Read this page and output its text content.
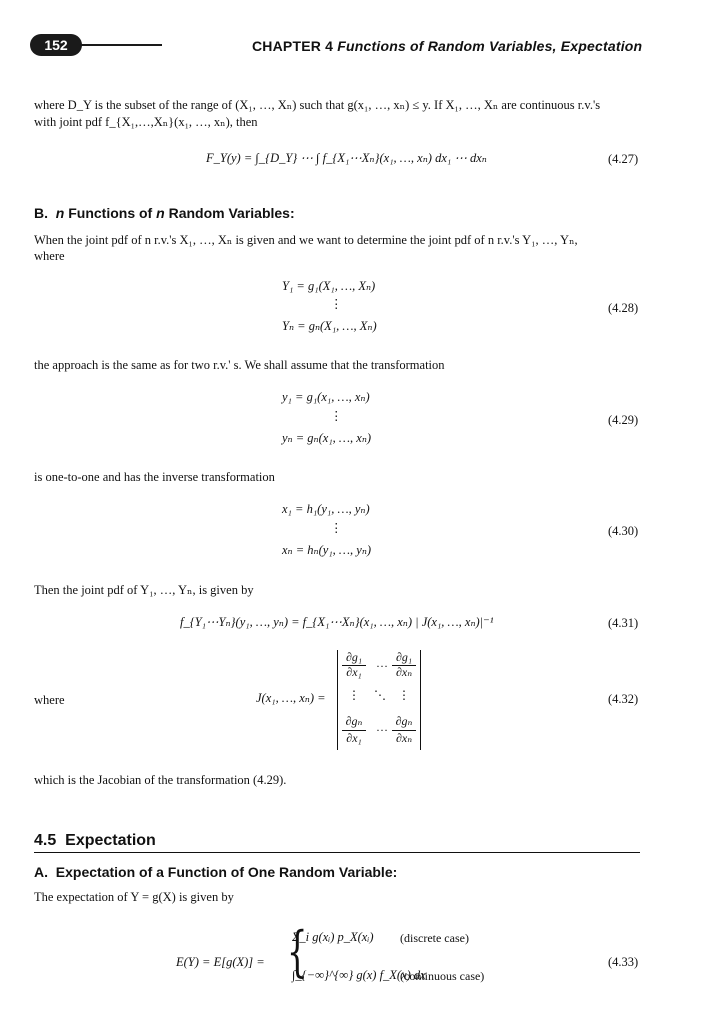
152	CHAPTER 4 Functions of Random Variables, Expectation
where D_Y is the subset of the range of (X₁, …, Xₙ) such that g(x₁, …, xₙ) ≤ y. If X₁, …, Xₙ are continuous r.v.'s
with joint pdf f_{X₁,…,Xₙ}(x₁, …, xₙ), then
F_Y(y) = ∫_{D_Y} ⋯ ∫ f_{X₁⋯Xₙ}(x₁, …, xₙ) dx₁ ⋯ dxₙ	(4.27)
B. n Functions of n Random Variables:
When the joint pdf of n r.v.'s X₁, …, Xₙ is given and we want to determine the joint pdf of n r.v.'s Y₁, …, Yₙ,
where
Y₁ = g₁(X₁, …, Xₙ)
⋮
Yₙ = gₙ(X₁, …, Xₙ)
(4.28)
the approach is the same as for two r.v.' s. We shall assume that the transformation
y₁ = g₁(x₁, …, xₙ)
⋮
yₙ = gₙ(x₁, …, xₙ)
(4.29)
is one-to-one and has the inverse transformation
x₁ = h₁(y₁, …, yₙ)
⋮
xₙ = hₙ(y₁, …, yₙ)
(4.30)
Then the joint pdf of Y₁, …, Yₙ, is given by
f_{Y₁⋯Yₙ}(y₁, …, yₙ) = f_{X₁⋯Xₙ}(x₁, …, xₙ) | J(x₁, …, xₙ)|⁻¹	(4.31)
where	J(x₁, …, xₙ) =
∂g₁
∂x₁
… ∂g₁
∂xₙ
⋮	⋱	⋮
∂gₙ
∂x₁
… ∂gₙ
∂xₙ
(4.32)
which is the Jacobian of the transformation (4.29).
4.5 Expectation
A. Expectation of a Function of One Random Variable:
The expectation of Y = g(X) is given by
E(Y) = E[g(X)] = {
Σ_i g(xᵢ) p_X(xᵢ) (discrete case)
∫_{−∞}^{∞} g(x) f_X(x) dx
(continuous case)
(4.33)
